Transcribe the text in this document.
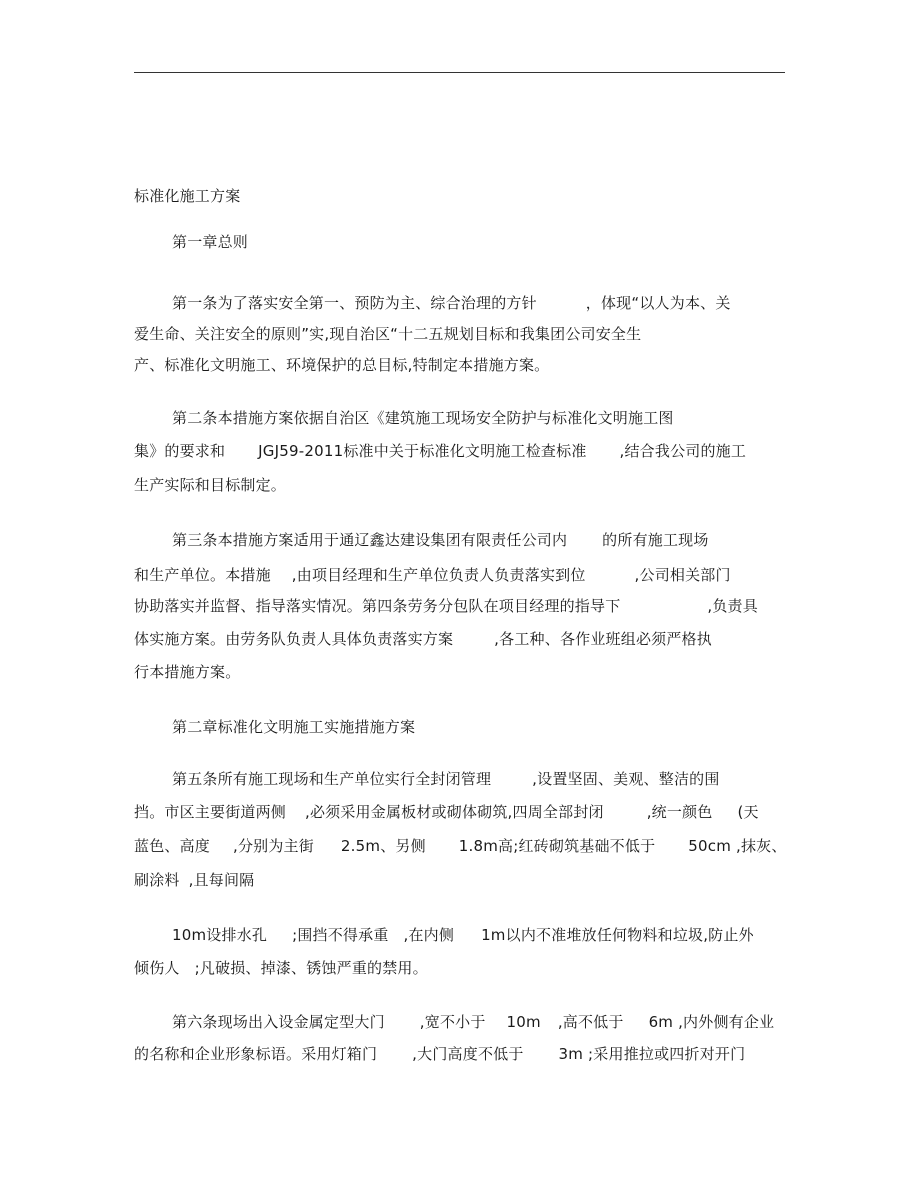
标准化施工方案
第一章总则
第一条为了落实安全第一、预防为主、综合治理的方针	，体现“以人为本、关
爱生命、关注安全的原则”实,现自治区“十二五规划目标和我集团公司安全生
产、标准化文明施工、环境保护的总目标,特制定本措施方案。
第二条本措施方案依据自治区《建筑施工现场安全防护与标准化文明施工图
集》的要求和 JGJ59-2011标准中关于标准化文明施工检查标准 ,结合我公司的施工
生产实际和目标制定。
第三条本措施方案适用于通辽鑫达建设集团有限责任公司内 的所有施工现场
和生产单位。本措施 ,由项目经理和生产单位负责人负责落实到位	,公司相关部门
协助落实并监督、指导落实情况。第四条劳务分包队在项目经理的指导下	,负责具
体实施方案。由劳务队负责人具体负责落实方案	,各工种、各作业班组必须严格执
行本措施方案。
第二章标准化文明施工实施措施方案
第五条所有施工现场和生产单位实行全封闭管理	,设置坚固、美观、整洁的围
挡。市区主要街道两侧 ,必须采用金属板材或砌体砌筑,四周全部封闭	,统一颜色 (天
蓝色、高度 ,分别为主街 2.5m、另侧 1.8m高;红砖砌筑基础不低于 50cm ,抹灰、
刷涂料 ,且每间隔
10m设排水孔 ;围挡不得承重 ,在内侧 1m以内不准堆放任何物料和垃圾,防止外
倾伤人 ;凡破损、掉漆、锈蚀严重的禁用。
第六条现场出入设金属定型大门 ,宽不小于 10m ,高不低于 6m ,内外侧有企业
的名称和企业形象标语。采用灯箱门 ,大门高度不低于 3m ;采用推拉或四折对开门
